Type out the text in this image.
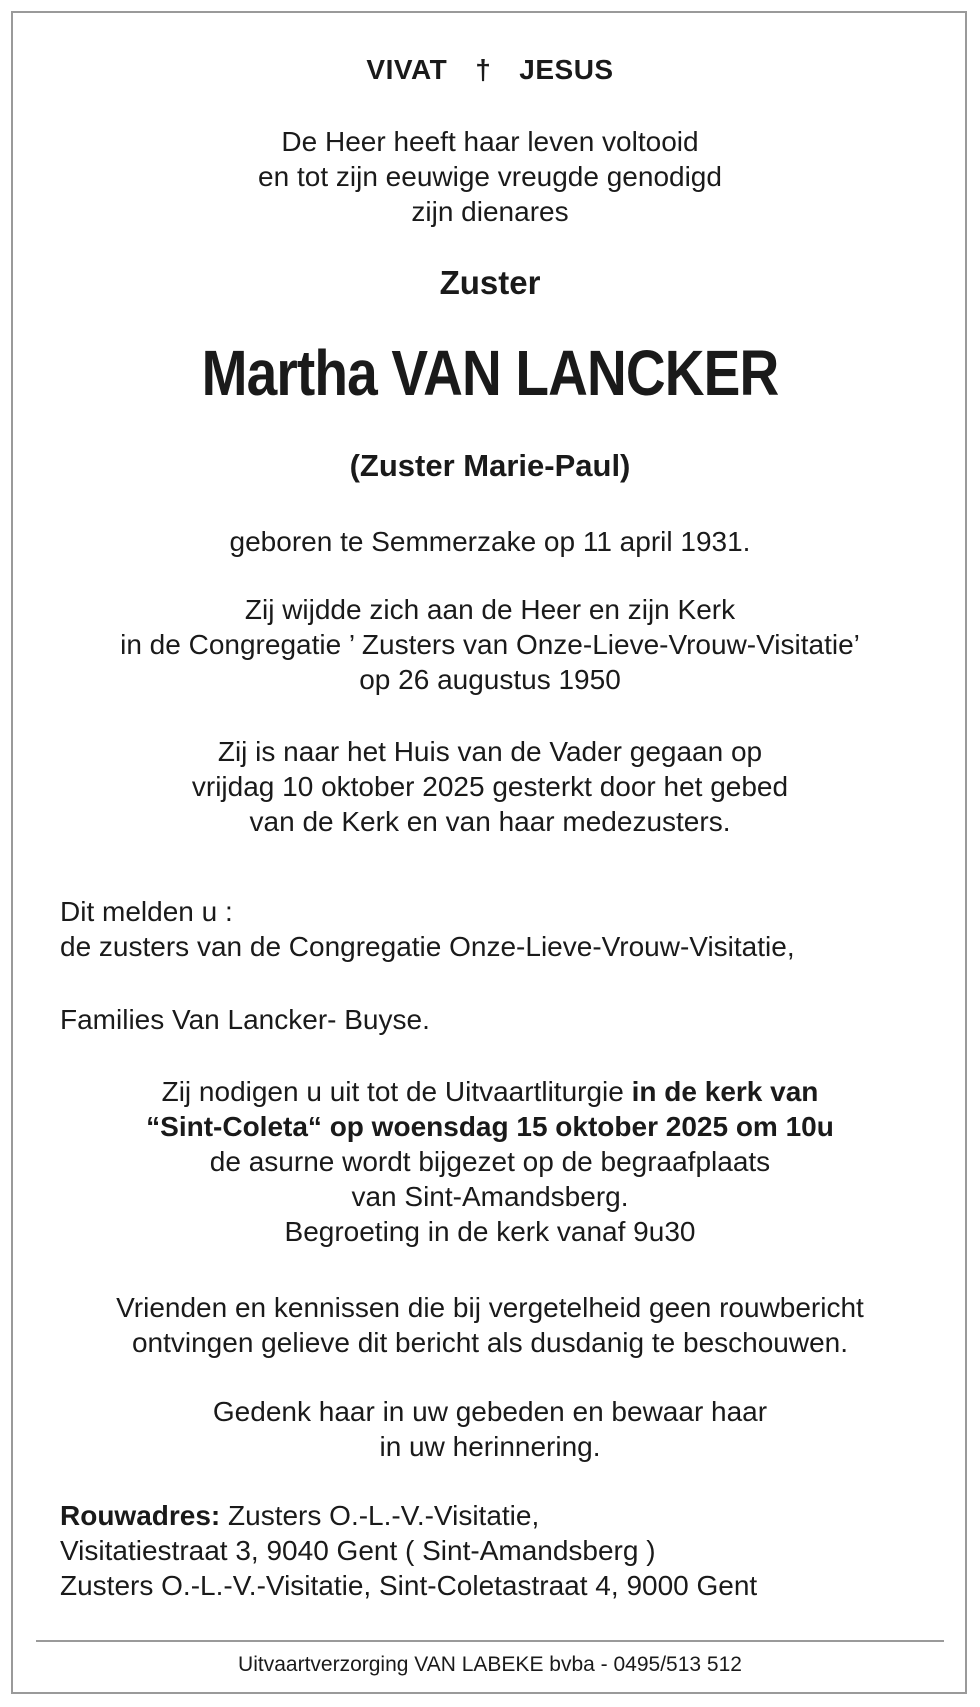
VIVAT † JESUS
De Heer heeft haar leven voltooid
en tot zijn eeuwige vreugde genodigd
zijn dienares
Zuster
Martha VAN LANCKER
(Zuster Marie-Paul)
geboren te Semmerzake op 11 april 1931.
Zij wijdde zich aan de Heer en zijn Kerk
in de Congregatie ’ Zusters van Onze-Lieve-Vrouw-Visitatie’
op 26 augustus 1950
Zij is naar het Huis van de Vader gegaan op
vrijdag 10 oktober 2025 gesterkt door het gebed
van de Kerk en van haar medezusters.
Dit melden u :
de zusters van de Congregatie Onze-Lieve-Vrouw-Visitatie,
Families Van Lancker- Buyse.
Zij nodigen u uit tot de Uitvaartliturgie in de kerk van
“Sint-Coleta“ op woensdag 15 oktober 2025 om 10u
de asurne wordt bijgezet op de begraafplaats
van Sint-Amandsberg.
Begroeting in de kerk vanaf 9u30
Vrienden en kennissen die bij vergetelheid geen rouwbericht
ontvingen gelieve dit bericht als dusdanig te beschouwen.
Gedenk haar in uw gebeden en bewaar haar
in uw herinnering.
Rouwadres: Zusters O.-L.-V.-Visitatie,
Visitatiestraat 3, 9040 Gent ( Sint-Amandsberg )
Zusters O.-L.-V.-Visitatie, Sint-Coletastraat 4, 9000 Gent
Uitvaartverzorging VAN LABEKE bvba - 0495/513 512
